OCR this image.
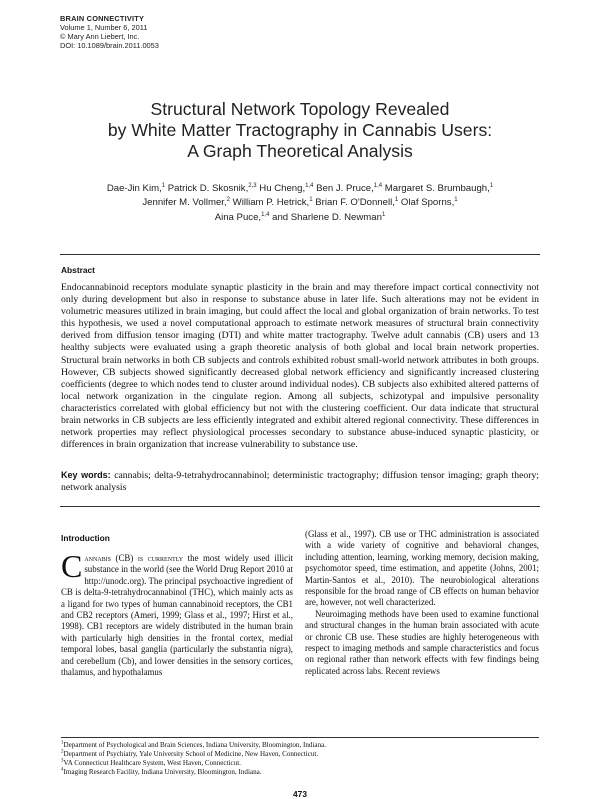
BRAIN CONNECTIVITY
Volume 1, Number 6, 2011
© Mary Ann Liebert, Inc.
DOI: 10.1089/brain.2011.0053
Structural Network Topology Revealed
by White Matter Tractography in Cannabis Users:
A Graph Theoretical Analysis
Dae-Jin Kim,$^1$ Patrick D. Skosnik,$^{2,3}$ Hu Cheng,$^{1,4}$ Ben J. Pruce,$^{1,4}$ Margaret S. Brumbaugh,$^1$
Jennifer M. Vollmer,$^2$ William P. Hetrick,$^1$ Brian F. O'Donnell,$^1$ Olaf Sporns,$^1$
Aina Puce,$^{1,4}$ and Sharlene D. Newman$^1$
Abstract
Endocannabinoid receptors modulate synaptic plasticity in the brain and may therefore impact cortical connectivity not only during development but also in response to substance abuse in later life. Such alterations may not be evident in volumetric measures utilized in brain imaging, but could affect the local and global organization of brain networks. To test this hypothesis, we used a novel computational approach to estimate network measures of structural brain connectivity derived from diffusion tensor imaging (DTI) and white matter tractography. Twelve adult cannabis (CB) users and 13 healthy subjects were evaluated using a graph theoretic analysis of both global and local brain network properties. Structural brain networks in both CB subjects and controls exhibited robust small-world network attributes in both groups. However, CB subjects showed significantly decreased global network efficiency and significantly increased clustering coefficients (degree to which nodes tend to cluster around individual nodes). CB subjects also exhibited altered patterns of local network organization in the cingulate region. Among all subjects, schizotypal and impulsive personality characteristics correlated with global efficiency but not with the clustering coefficient. Our data indicate that structural brain networks in CB subjects are less efficiently integrated and exhibit altered regional connectivity. These differences in network properties may reflect physiological processes secondary to substance abuse-induced synaptic plasticity, or differences in brain organization that increase vulnerability to substance use.
Key words: cannabis; delta-9-tetrahydrocannabinol; deterministic tractography; diffusion tensor imaging; graph theory; network analysis
Introduction
Cannabis (CB) is currently the most widely used illicit substance in the world (see the World Drug Report 2010 at http://unodc.org). The principal psychoactive ingredient of CB is delta-9-tetrahydrocannabinol (THC), which mainly acts as a ligand for two types of human cannabinoid receptors, the CB1 and CB2 receptors (Ameri, 1999; Glass et al., 1997; Hirst et al., 1998). CB1 receptors are widely distributed in the human brain with particularly high densities in the frontal cortex, medial temporal lobes, basal ganglia (particularly the substantia nigra), and cerebellum (Cb), and lower densities in the sensory cortices, thalamus, and hypothalamus
(Glass et al., 1997). CB use or THC administration is associated with a wide variety of cognitive and behavioral changes, including attention, learning, working memory, decision making, psychomotor speed, time estimation, and appetite (Johns, 2001; Martin-Santos et al., 2010). The neurobiological alterations responsible for the broad range of CB effects on human behavior are, however, not well characterized.
Neuroimaging methods have been used to examine functional and structural changes in the human brain associated with acute or chronic CB use. These studies are highly heterogeneous with respect to imaging methods and sample characteristics and focus on regional rather than network effects with few findings being replicated across labs. Recent reviews
$^1$Department of Psychological and Brain Sciences, Indiana University, Bloomington, Indiana.
$^2$Department of Psychiatry, Yale University School of Medicine, New Haven, Connecticut.
$^3$VA Connecticut Healthcare System, West Haven, Connecticut.
$^4$Imaging Research Facility, Indiana University, Bloomington, Indiana.
473
